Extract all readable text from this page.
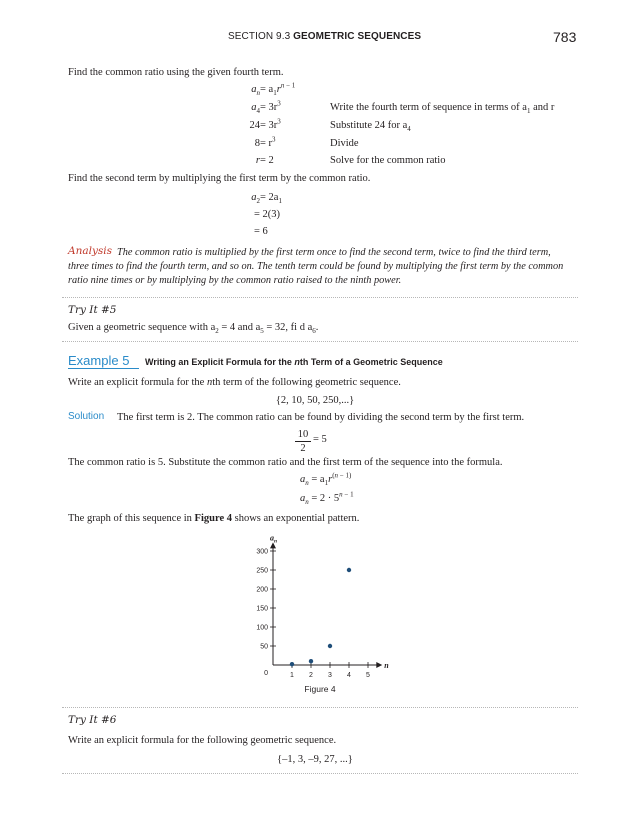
SECTION 9.3 GEOMETRIC SEQUENCES	783
Find the common ratio using the given fourth term.
$a_n = a_1r^{n - 1}$
$a_4 = 3r^3$	Write the fourth term of sequence in terms of $a_1$ and r
$24 = 3r^3$	Substitute 24 for $a_4$
$8 = r^3$	Divide
r = 2	Solve for the common ratio
Find the second term by multiplying the first term by the common ratio.
$a_2 = 2a_1$
= 2(3)
= 6
Analysis The common ratio is multiplied by the first term once to find the second term, twice to find the third term,
three times to find the fourth term, and so on. The tenth term could be found by multiplying the first term by the common
ratio nine times or by multiplying by the common ratio raised to the ninth power.
Try It #5
Given a geometric sequence with $a_2 = 4$ and $a_5 = 32$, fi d $a_6$.
Example 5	Writing an Explicit Formula for the nth Term of a Geometric Sequence
Write an explicit formula for the nth term of the following geometric sequence.
{2, 10, 50, 250,...}
Solution The first term is 2. The common ratio can be found by dividing the second term by the first term.
$\frac{10}{2} = 5$
The common ratio is 5. Substitute the common ratio and the first term of the sequence into the formula.
$a_n = a_1r^{(n - 1)}$
$a_n = 2 \cdot 5^{n - 1}$
The graph of this sequence in Figure 4 shows an exponential pattern.
$a_n$
n
0
50
100
150
200
250
300
1 2 3 4 5
Figure 4
Try It #6
Write an explicit formula for the following geometric sequence.
{–1, 3, –9, 27, ...}
